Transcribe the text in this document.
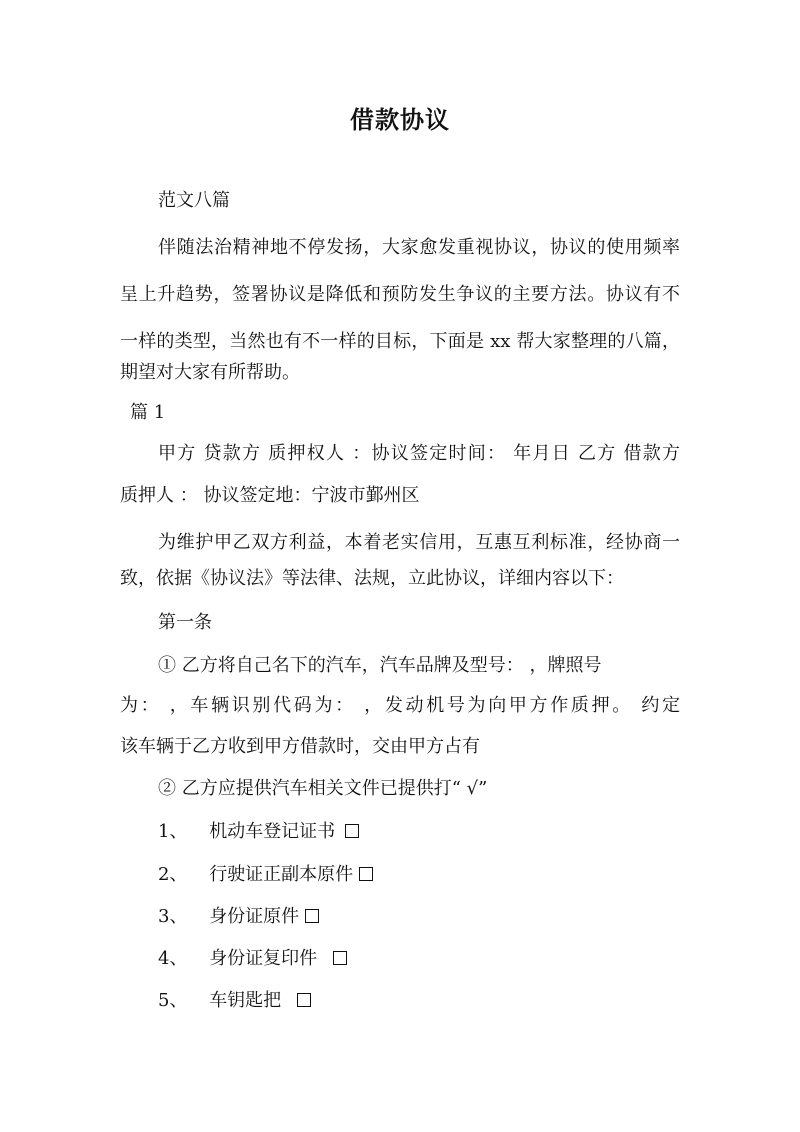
借款协议
范文八篇
伴随法治精神地不停发扬，大家愈发重视协议，协议的使用频率
呈上升趋势，签署协议是降低和预防发生争议的主要方法。协议有不
一样的类型，当然也有不一样的目标，下面是 xx 帮大家整理的八篇，
期望对大家有所帮助。
篇 1
甲方 贷款方 质押权人 ：协议签定时间： 年月日 乙方 借款方
质押人 ： 协议签定地：宁波市鄞州区
为维护甲乙双方利益，本着老实信用，互惠互利标准，经协商一
致，依据《协议法》等法律、法规，立此协议，详细内容以下：
第一条
① 乙方将自己名下的汽车，汽车品牌及型号： ，牌照号
为： ，车辆识别代码为： ，发动机号为向甲方作质押。 约定
该车辆于乙方收到甲方借款时，交由甲方占有
② 乙方应提供汽车相关文件已提供打“ √”
1、 机动车登记证书
2、 行驶证正副本原件
3、 身份证原件
4、 身份证复印件
5、 车钥匙把
